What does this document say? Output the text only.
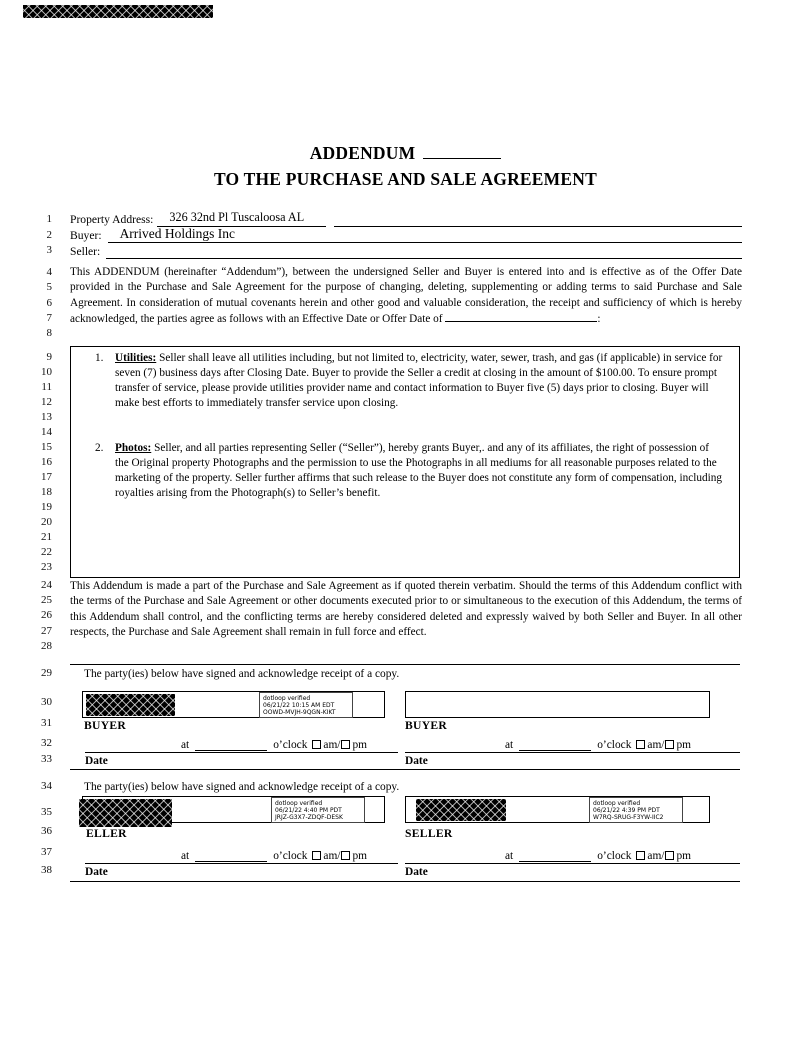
ADDENDUM
TO THE PURCHASE AND SALE AGREEMENT
1
2
3
4
5
6
7
8
9
10
11
12
13
14
15
16
17
18
19
20
21
22
23
24
25
26
27
28
29
30
31
32
33
34
35
36
37
38
Property Address:	326 32nd Pl Tuscaloosa AL
Buyer:	Arrived Holdings Inc
Seller:
This ADDENDUM (hereinafter “Addendum”), between the undersigned Seller and Buyer is entered into and is effective as of the Offer Date provided in the Purchase and Sale Agreement for the purpose of changing, deleting, supplementing or adding terms to said Purchase and Sale Agreement. In consideration of mutual covenants herein and other good and valuable consideration, the receipt and sufficiency of which is hereby acknowledged, the parties agree as follows with an Effective Date or Offer Date of	:
1.	Utilities: Seller shall leave all utilities including, but not limited to, electricity, water, sewer, trash, and gas (if applicable) in service for seven (7) business days after Closing Date. Buyer to provide the Seller a credit at closing in the amount of $100.00. To ensure prompt transfer of service, please provide utilities provider name and contact information to Buyer five (5) days prior to closing. Buyer will make best efforts to immediately transfer service upon closing.
2.	Photos: Seller, and all parties representing Seller (“Seller”), hereby grants Buyer,. and any of its affiliates, the right of possession of the Original property Photographs and the permission to use the Photographs in all mediums for all reasonable purposes related to the marketing of the property. Seller further affirms that such release to the Buyer does not constitute any form of compensation, including royalties arising from the Photograph(s) to Seller’s benefit.
This Addendum is made a part of the Purchase and Sale Agreement as if quoted therein verbatim. Should the terms of this Addendum conflict with the terms of the Purchase and Sale Agreement or other documents executed prior to or simultaneous to the execution of this Addendum, the terms of this Addendum shall control, and the conflicting terms are hereby considered deleted and expressly waived by both Seller and Buyer. In all other respects, the Purchase and Sale Agreement shall remain in full force and effect.
The party(ies) below have signed and acknowledge receipt of a copy.
dotloop verified
06/21/22 10:15 AM EDT
OOWD-MVJH-9QGN-KIKT
BUYER	BUYER
at	o’clock am/ pm	at	o’clock am/ pm
Date	Date
The party(ies) below have signed and acknowledge receipt of a copy.
dotloop verified
06/21/22 4:40 PM PDT
JRJZ-G3X7-ZDQF-DESK
dotloop verified
06/21/22 4:39 PM PDT
W7RQ-SRUG-F3YW-IIC2
ELLER	SELLER
at	o’clock am/ pm	at	o’clock am/ pm
Date	Date
